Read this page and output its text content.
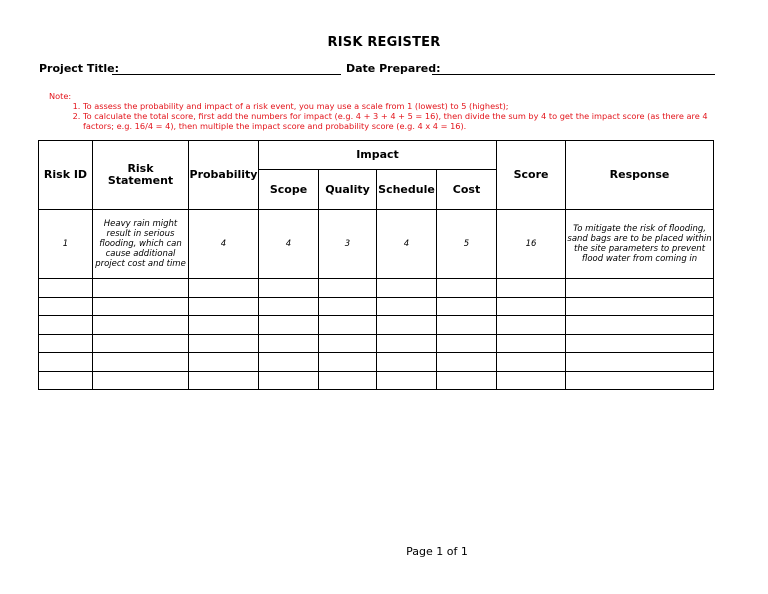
RISK REGISTER
Project Title:	Date Prepared:
Note:
1. To assess the probability and impact of a risk event, you may use a scale from 1 (lowest) to 5 (highest);
2. To calculate the total score, first add the numbers for impact (e.g. 4 + 3 + 4 + 5 = 16), then divide the sum by 4 to get the impact score (as there are 4 factors; e.g. 16/4 = 4), then multiple the impact score and probability score (e.g. 4 x 4 = 16).
Risk ID	Risk Statement	Probability	Impact				Score	Response
			Scope	Quality	Schedule	Cost		
1	Heavy rain might result in serious flooding, which can cause additional project cost and time	4	4	3	4	5	16	To mitigate the risk of flooding, sand bags are to be placed within the site parameters to prevent flood water from coming in

Page 1 of 1
